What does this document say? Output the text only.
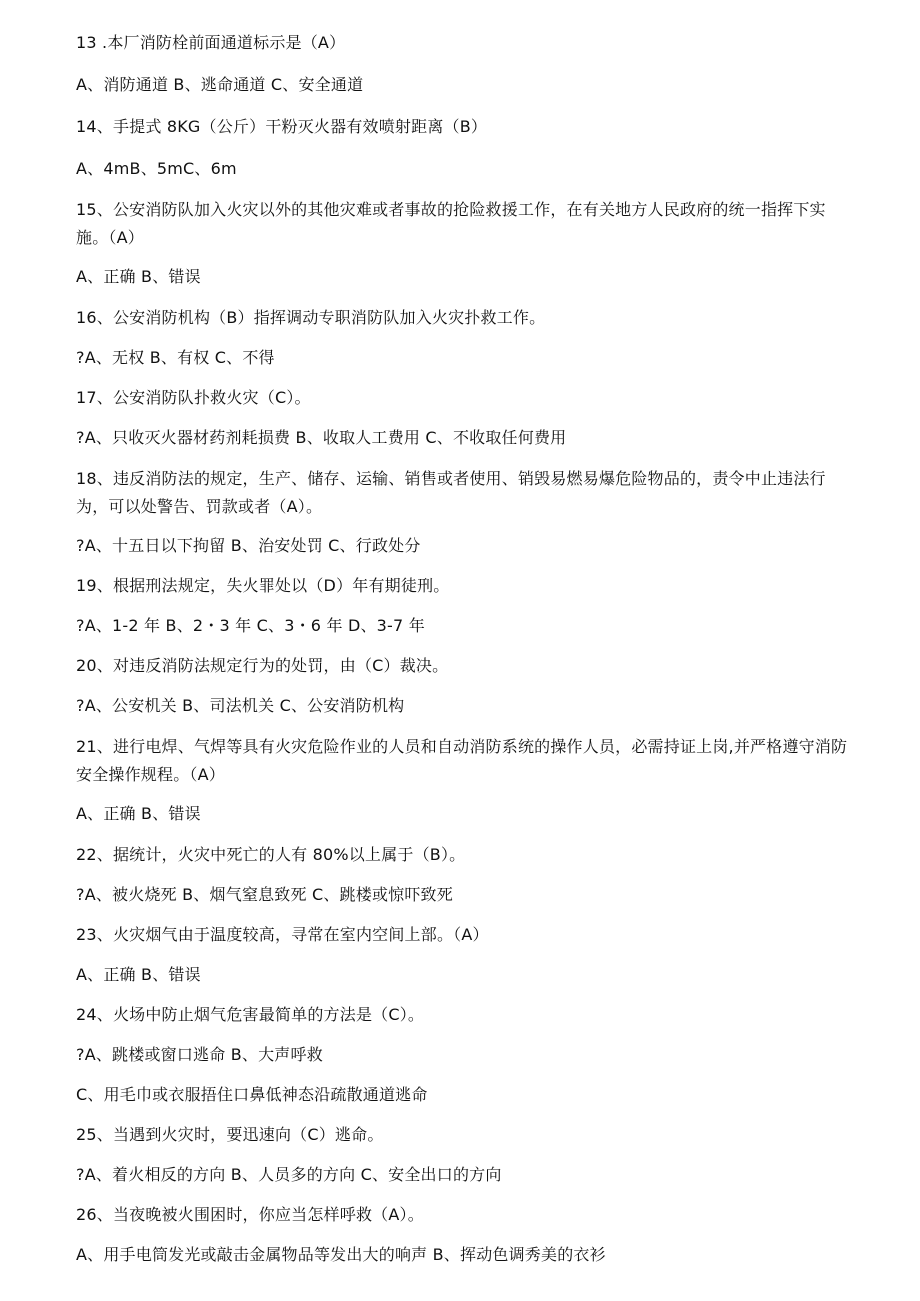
13 .本厂消防栓前面通道标示是（A）
A、消防通道 B、逃命通道 C、安全通道
14、手提式 8KG（公斤）干粉灭火器有效喷射距离（B）
A、4mB、5mC、6m
15、公安消防队加入火灾以外的其他灾难或者事故的抢险救援工作，在有关地方人民政府的统一指挥下实施。（A）
A、正确 B、错误
16、公安消防机构（B）指挥调动专职消防队加入火灾扑救工作。
?A、无权 B、有权 C、不得
17、公安消防队扑救火灾（C）。
?A、只收灭火器材药剂耗损费 B、收取人工费用 C、不收取任何费用
18、违反消防法的规定，生产、储存、运输、销售或者使用、销毁易燃易爆危险物品的，责令中止违法行为，可以处警告、罚款或者（A）。
?A、十五日以下拘留 B、治安处罚 C、行政处分
19、根据刑法规定，失火罪处以（D）年有期徒刑。
?A、1-2 年 B、2・3 年 C、3・6 年 D、3-7 年
20、对违反消防法规定行为的处罚，由（C）裁决。
?A、公安机关 B、司法机关 C、公安消防机构
21、进行电焊、气焊等具有火灾危险作业的人员和自动消防系统的操作人员，必需持证上岗,并严格遵守消防安全操作规程。（A）
A、正确 B、错误
22、据统计，火灾中死亡的人有 80%以上属于（B）。
?A、被火烧死 B、烟气窒息致死 C、跳楼或惊吓致死
23、火灾烟气由于温度较高，寻常在室内空间上部。（A）
A、正确 B、错误
24、火场中防止烟气危害最简单的方法是（C）。
?A、跳楼或窗口逃命 B、大声呼救
C、用毛巾或衣服捂住口鼻低神态沿疏散通道逃命
25、当遇到火灾时，要迅速向（C）逃命。
?A、着火相反的方向 B、人员多的方向 C、安全出口的方向
26、当夜晚被火围困时，你应当怎样呼救（A）。
A、用手电筒发光或敲击金属物品等发出大的响声 B、挥动色调秀美的衣衫
